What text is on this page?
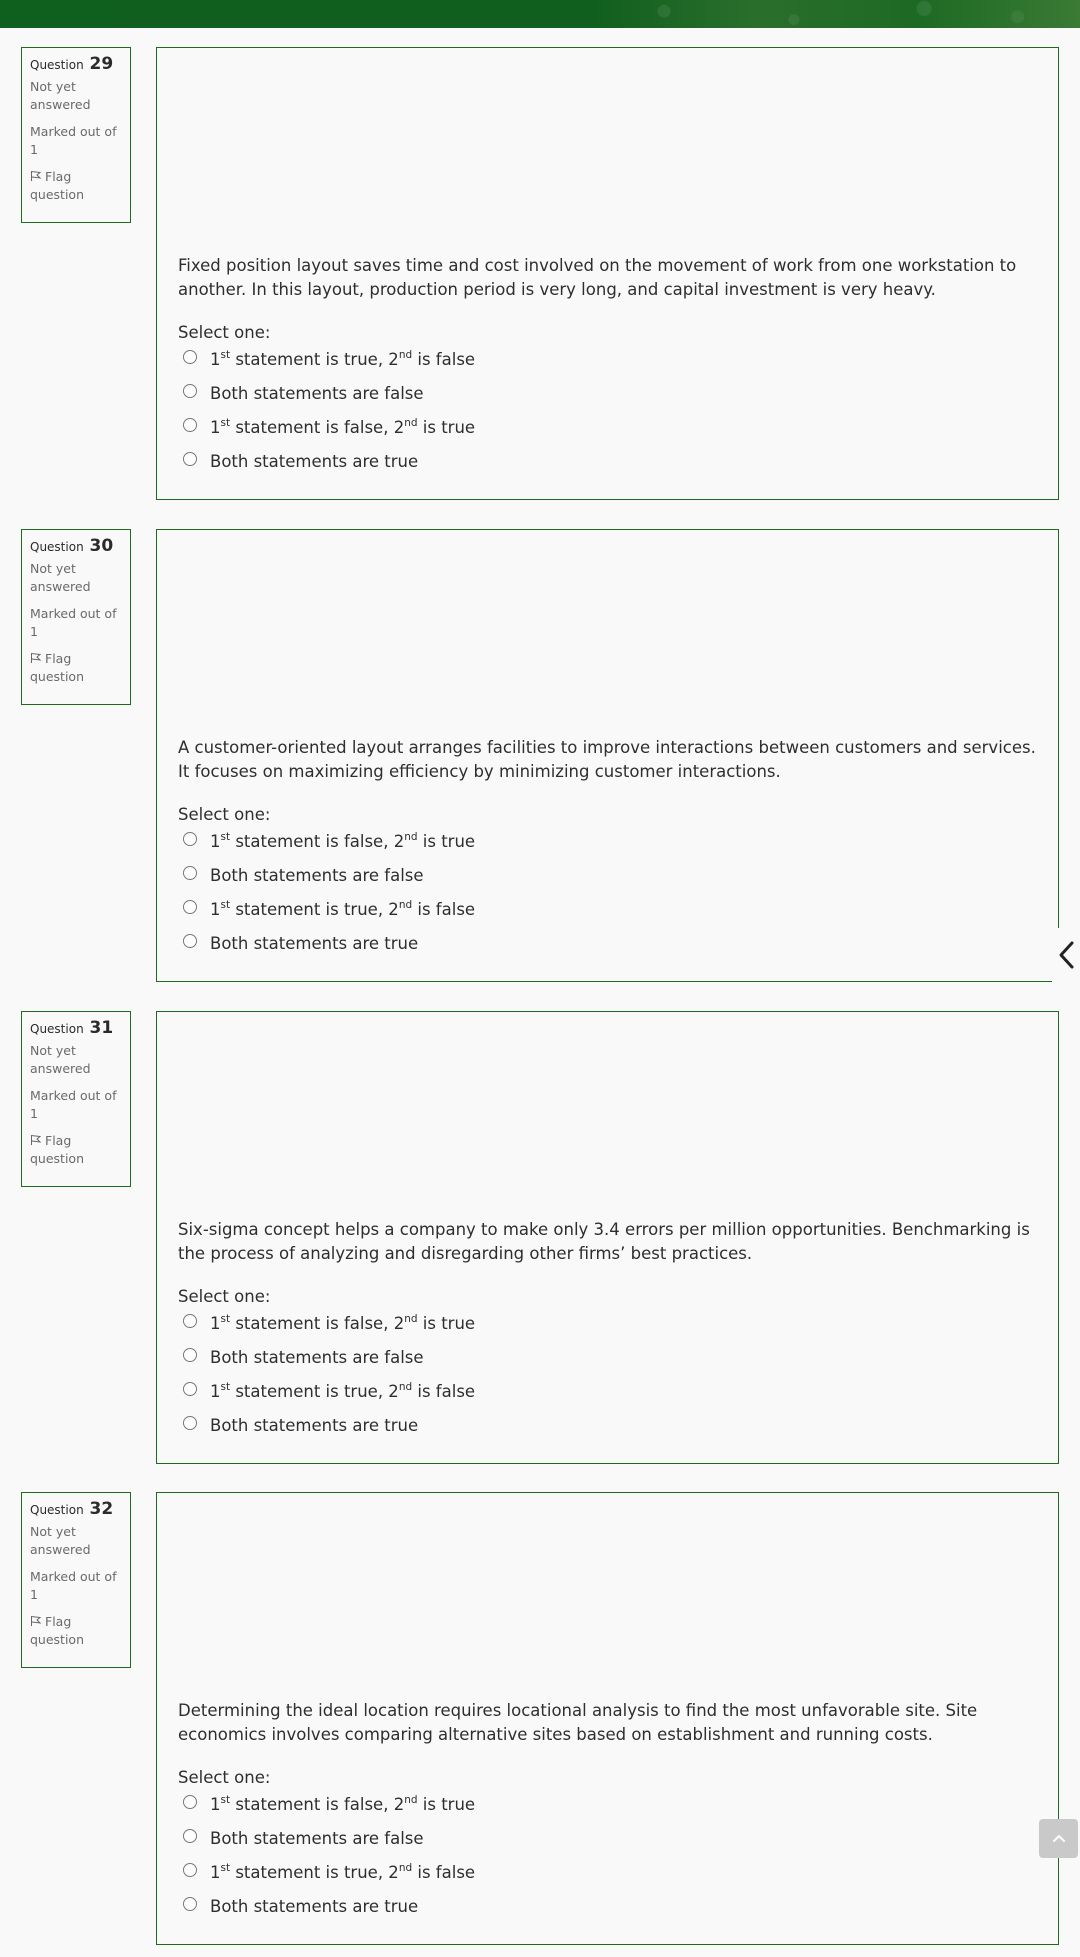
Question 29
Not yet answered
Marked out of 1
Flag question
Fixed position layout saves time and cost involved on the movement of work from one workstation to another. In this layout, production period is very long, and capital investment is very heavy.
Select one:
1st statement is true, 2nd is false
Both statements are false
1st statement is false, 2nd is true
Both statements are true
Question 30
Not yet answered
Marked out of 1
Flag question
A customer-oriented layout arranges facilities to improve interactions between customers and services. It focuses on maximizing efficiency by minimizing customer interactions.
Select one:
1st statement is false, 2nd is true
Both statements are false
1st statement is true, 2nd is false
Both statements are true
Question 31
Not yet answered
Marked out of 1
Flag question
Six-sigma concept helps a company to make only 3.4 errors per million opportunities. Benchmarking is the process of analyzing and disregarding other firms’ best practices.
Select one:
1st statement is false, 2nd is true
Both statements are false
1st statement is true, 2nd is false
Both statements are true
Question 32
Not yet answered
Marked out of 1
Flag question
Determining the ideal location requires locational analysis to find the most unfavorable site. Site economics involves comparing alternative sites based on establishment and running costs.
Select one:
1st statement is false, 2nd is true
Both statements are false
1st statement is true, 2nd is false
Both statements are true
